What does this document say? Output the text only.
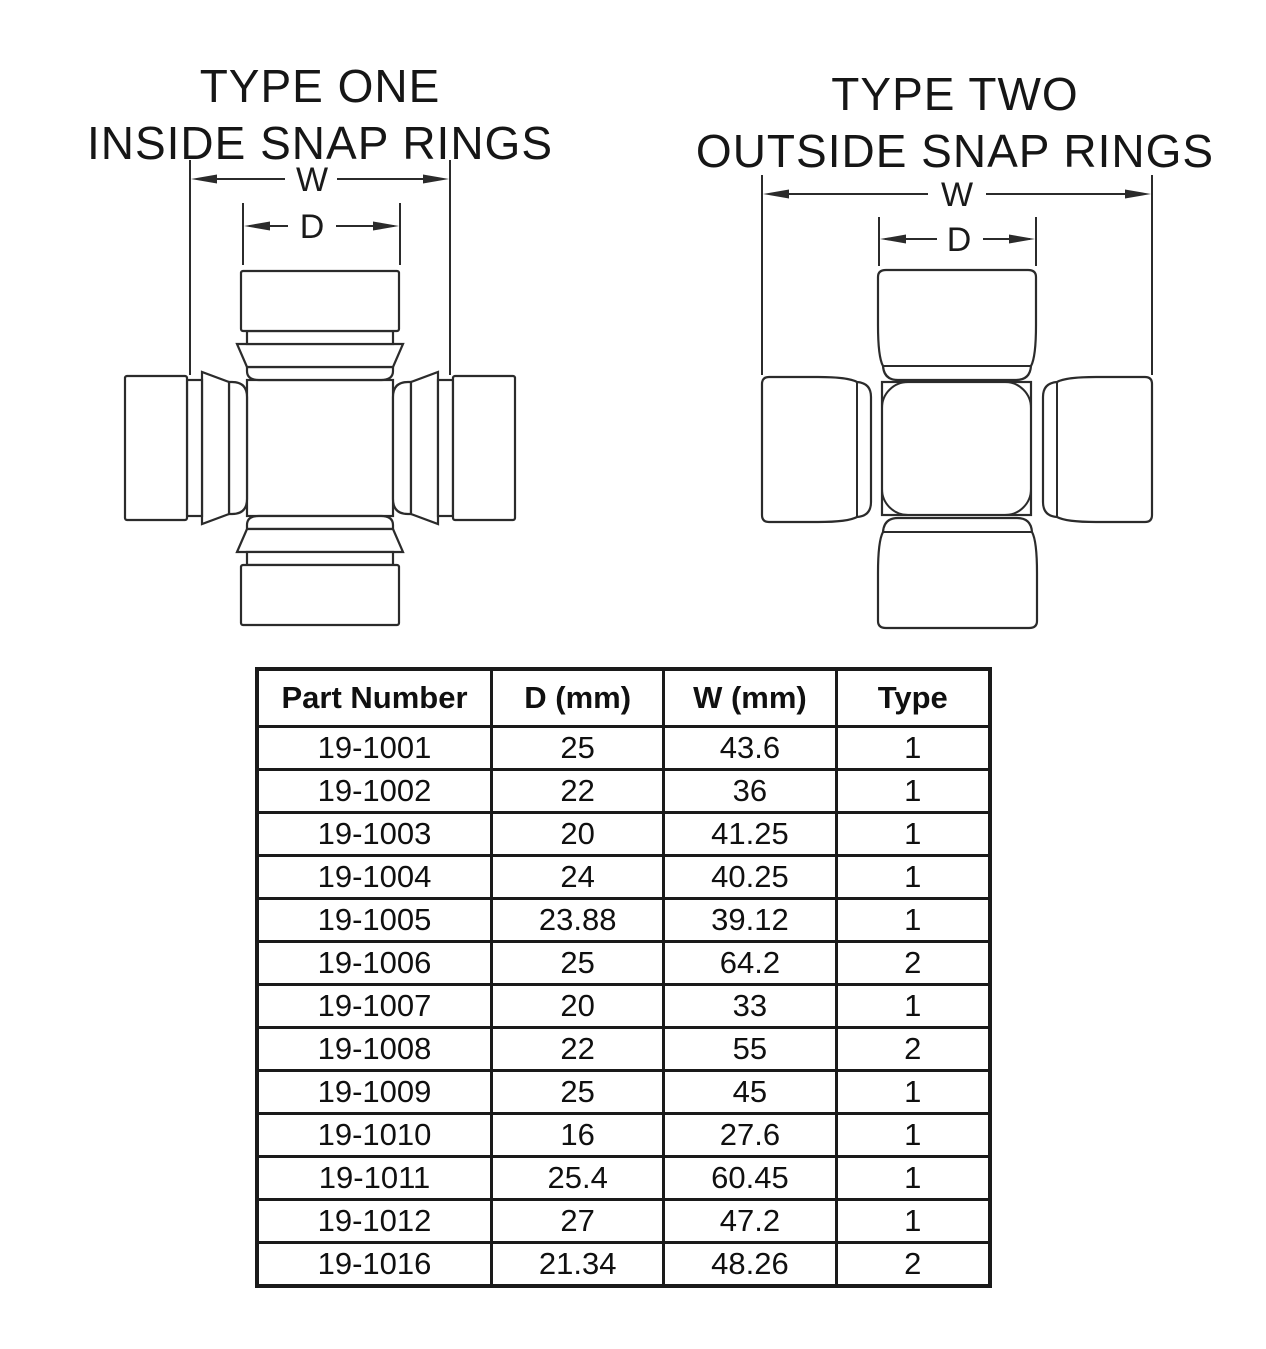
TYPE ONE
INSIDE SNAP RINGS
TYPE TWO
OUTSIDE SNAP RINGS
W
D
W
D
Part Number	D (mm)	W (mm)	Type
19-1001	25	43.6	1
19-1002	22	36	1
19-1003	20	41.25	1
19-1004	24	40.25	1
19-1005	23.88	39.12	1
19-1006	25	64.2	2
19-1007	20	33	1
19-1008	22	55	2
19-1009	25	45	1
19-1010	16	27.6	1
19-1011	25.4	60.45	1
19-1012	27	47.2	1
19-1016	21.34	48.26	2
